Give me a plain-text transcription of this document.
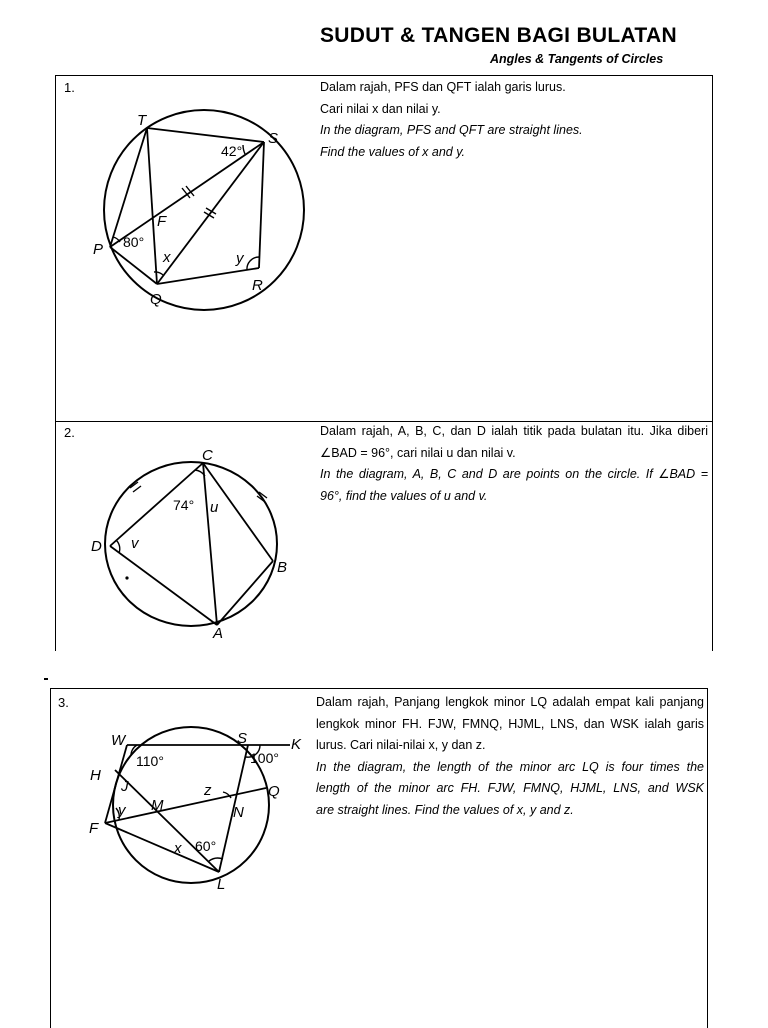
SUDUT & TANGEN BAGI BULATAN
Angles & Tangents of Circles
1.	Dalam rajah, PFS dan QFT ialah garis lurus.

Cari nilai x dan nilai y.

In the diagram, PFS and QFT are straight lines.

Find the values of x and y.

T
S
F
P
Q
R
x	y
42°
80°
2.	Dalam rajah, A, B, C, dan D ialah titik pada bulatan itu. Jika diberi

∠BAD = 96°, cari nilai u dan nilai v.

In the diagram, A, B, C and D are points on the circle. If ∠BAD =

96°, find the values of u and v.

C
D
B
A
u
v
74°
3.	Dalam rajah, Panjang lengkok minor LQ adalah empat kali panjang

lengkok minor FH. FJW, FMNQ, HJML, LNS, dan WSK ialah garis

lurus. Cari nilai-nilai x, y dan z.

In the diagram, the length of the minor arc LQ is four times the

length of the minor arc FH. FJW, FMNQ, HJML, LNS, and WSK

are straight lines. Find the values of x, y and z.

W	S	K
H
J	Q
M	N
F
L
x
y
z
110°	100°
60°
